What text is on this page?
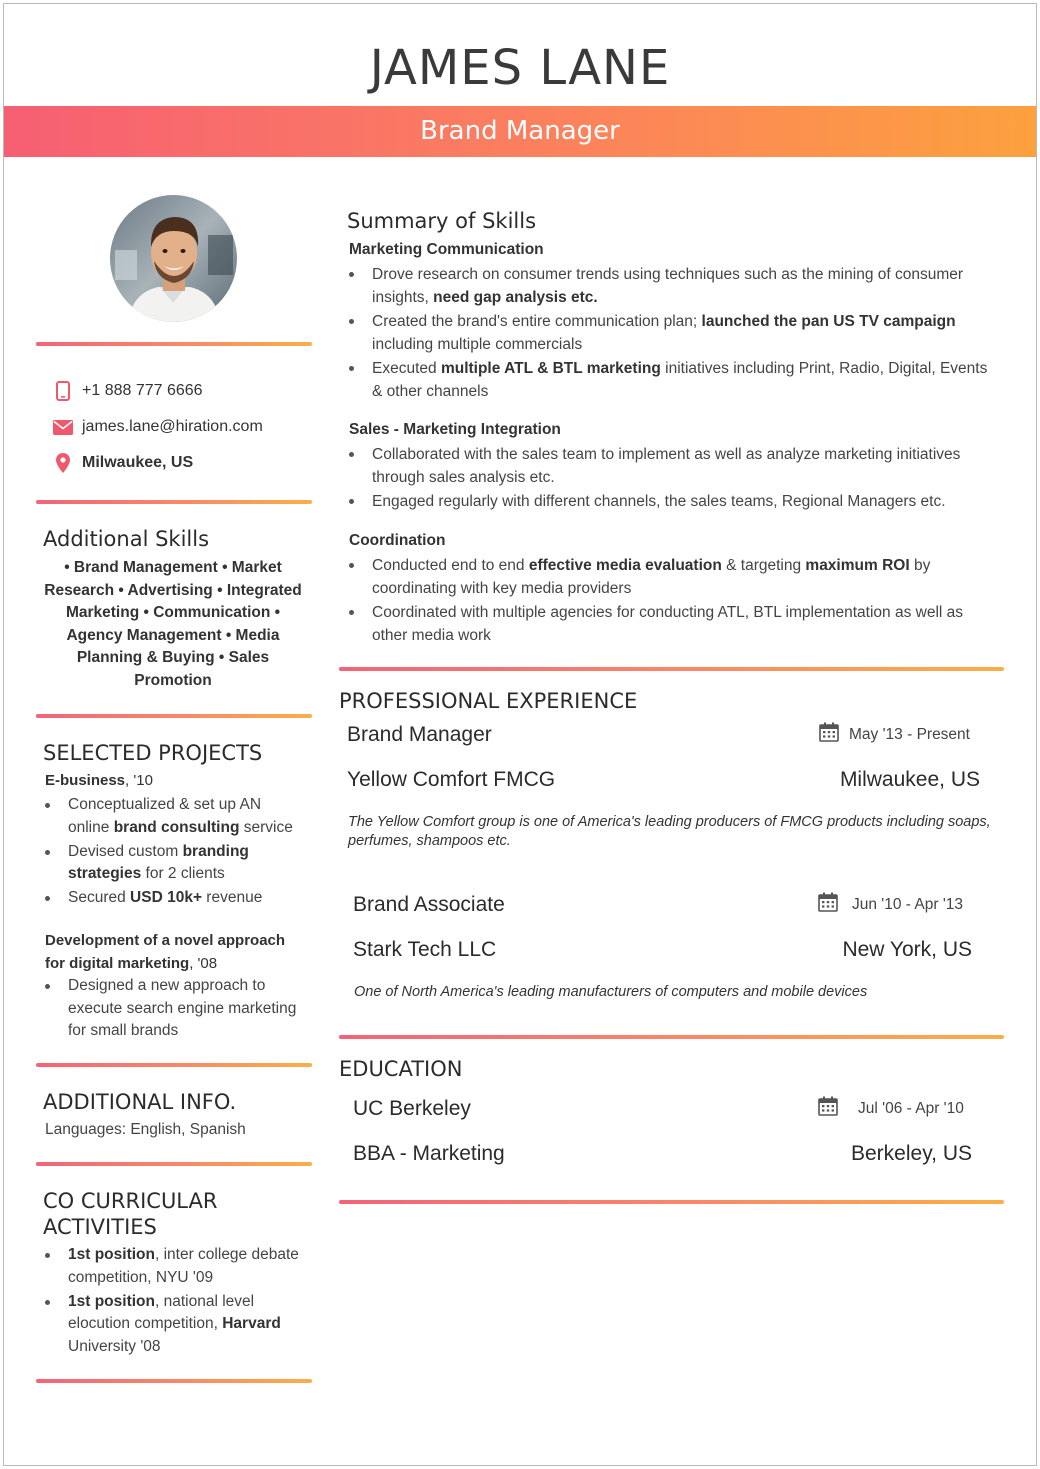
JAMES LANE
Brand Manager
+1 888 777 6666
james.lane@hiration.com
Milwaukee, US
Additional Skills
• Brand Management • Market Research • Advertising • Integrated Marketing • Communication • Agency Management • Media Planning & Buying • Sales Promotion
SELECTED PROJECTS
E-business, '10
Conceptualized & set up AN online brand consulting service
Devised custom branding strategies for 2 clients
Secured USD 10k+ revenue
Development of a novel approach for digital marketing, '08
Designed a new approach to execute search engine marketing for small brands
ADDITIONAL INFO.
Languages: English, Spanish
CO CURRICULAR
ACTIVITIES
1st position, inter college debate competition, NYU '09
1st position, national level elocution competition, Harvard University '08
Summary of Skills
Marketing Communication
Drove research on consumer trends using techniques such as the mining of consumer insights, need gap analysis etc.
Created the brand's entire communication plan; launched the pan US TV campaign including multiple commercials
Executed multiple ATL & BTL marketing initiatives including Print, Radio, Digital, Events & other channels
Sales - Marketing Integration
Collaborated with the sales team to implement as well as analyze marketing initiatives through sales analysis etc.
Engaged regularly with different channels, the sales teams, Regional Managers etc.
Coordination
Conducted end to end effective media evaluation & targeting maximum ROI by coordinating with key media providers
Coordinated with multiple agencies for conducting ATL, BTL implementation as well as other media work
PROFESSIONAL EXPERIENCE
Brand Manager	May '13 - Present
Yellow Comfort FMCG	Milwaukee, US
The Yellow Comfort group is one of America's leading producers of FMCG products including soaps, perfumes, shampoos etc.
Brand Associate	Jun '10 - Apr '13
Stark Tech LLC	New York, US
One of North America's leading manufacturers of computers and mobile devices
EDUCATION
UC Berkeley	Jul '06 - Apr '10
BBA - Marketing	Berkeley, US
